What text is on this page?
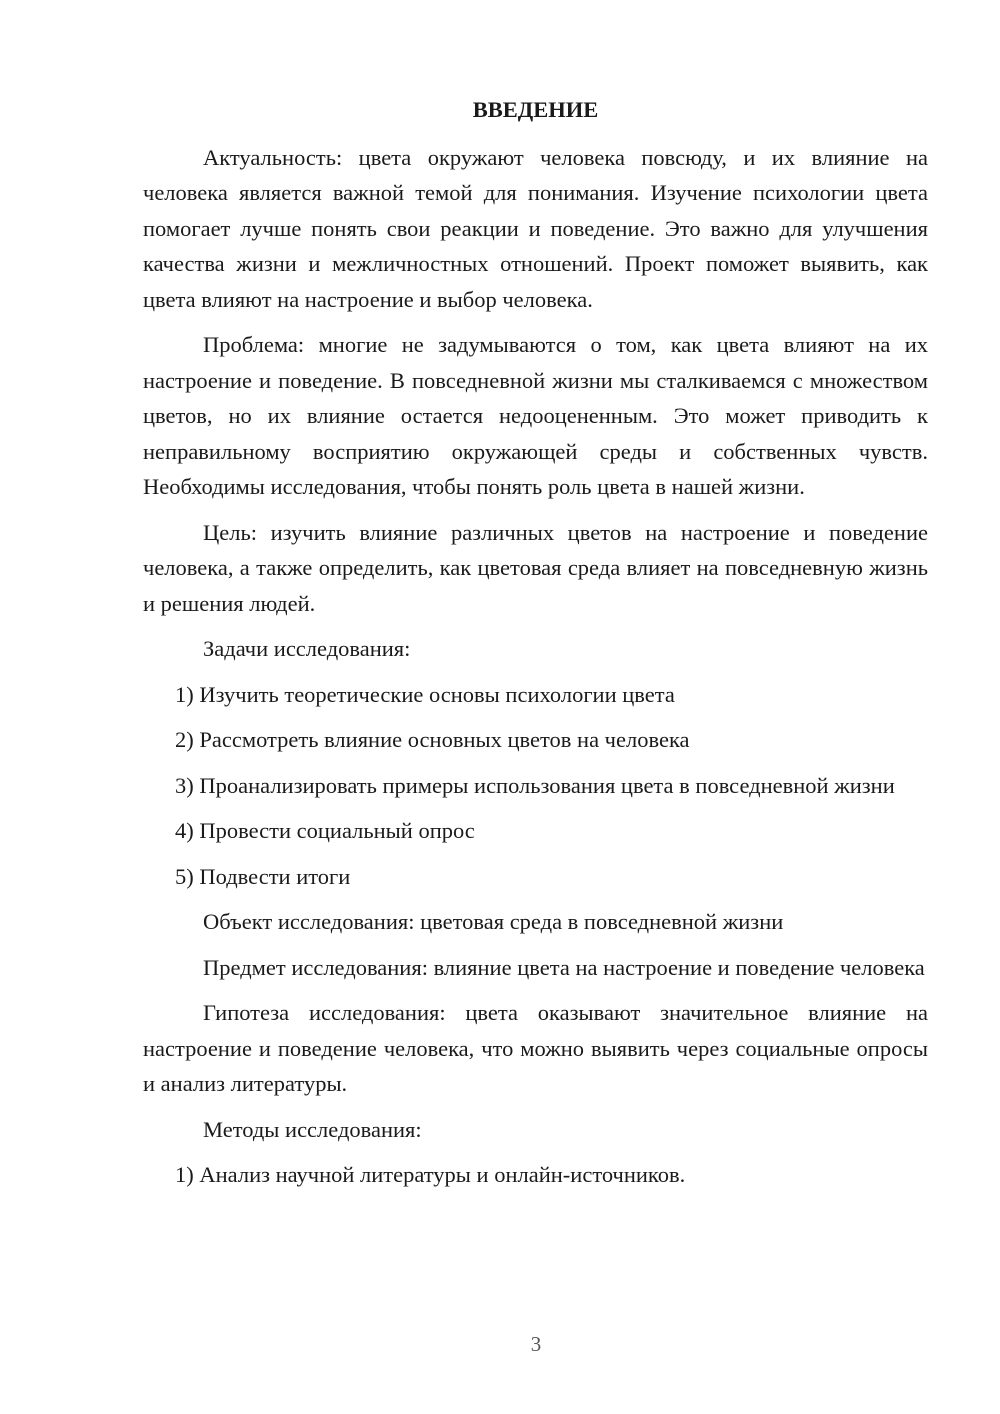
ВВЕДЕНИЕ

Актуальность: цвета окружают человека повсюду, и их влияние на человека является важной темой для понимания. Изучение психологии цвета помогает лучше понять свои реакции и поведение. Это важно для улучшения качества жизни и межличностных отношений. Проект поможет выявить, как цвета влияют на настроение и выбор человека.

Проблема: многие не задумываются о том, как цвета влияют на их настроение и поведение. В повседневной жизни мы сталкиваемся с множеством цветов, но их влияние остается недооцененным. Это может приводить к неправильному восприятию окружающей среды и собственных чувств. Необходимы исследования, чтобы понять роль цвета в нашей жизни.

Цель: изучить влияние различных цветов на настроение и поведение человека, а также определить, как цветовая среда влияет на повседневную жизнь и решения людей.

Задачи исследования:

1) Изучить теоретические основы психологии цвета

2) Рассмотреть влияние основных цветов на человека

3) Проанализировать примеры использования цвета в повседневной жизни

4) Провести социальный опрос

5) Подвести итоги

Объект исследования: цветовая среда в повседневной жизни

Предмет исследования: влияние цвета на настроение и поведение человека

Гипотеза исследования: цвета оказывают значительное влияние на настроение и поведение человека, что можно выявить через социальные опросы и анализ литературы.

Методы исследования:

1) Анализ научной литературы и онлайн-источников.

3
